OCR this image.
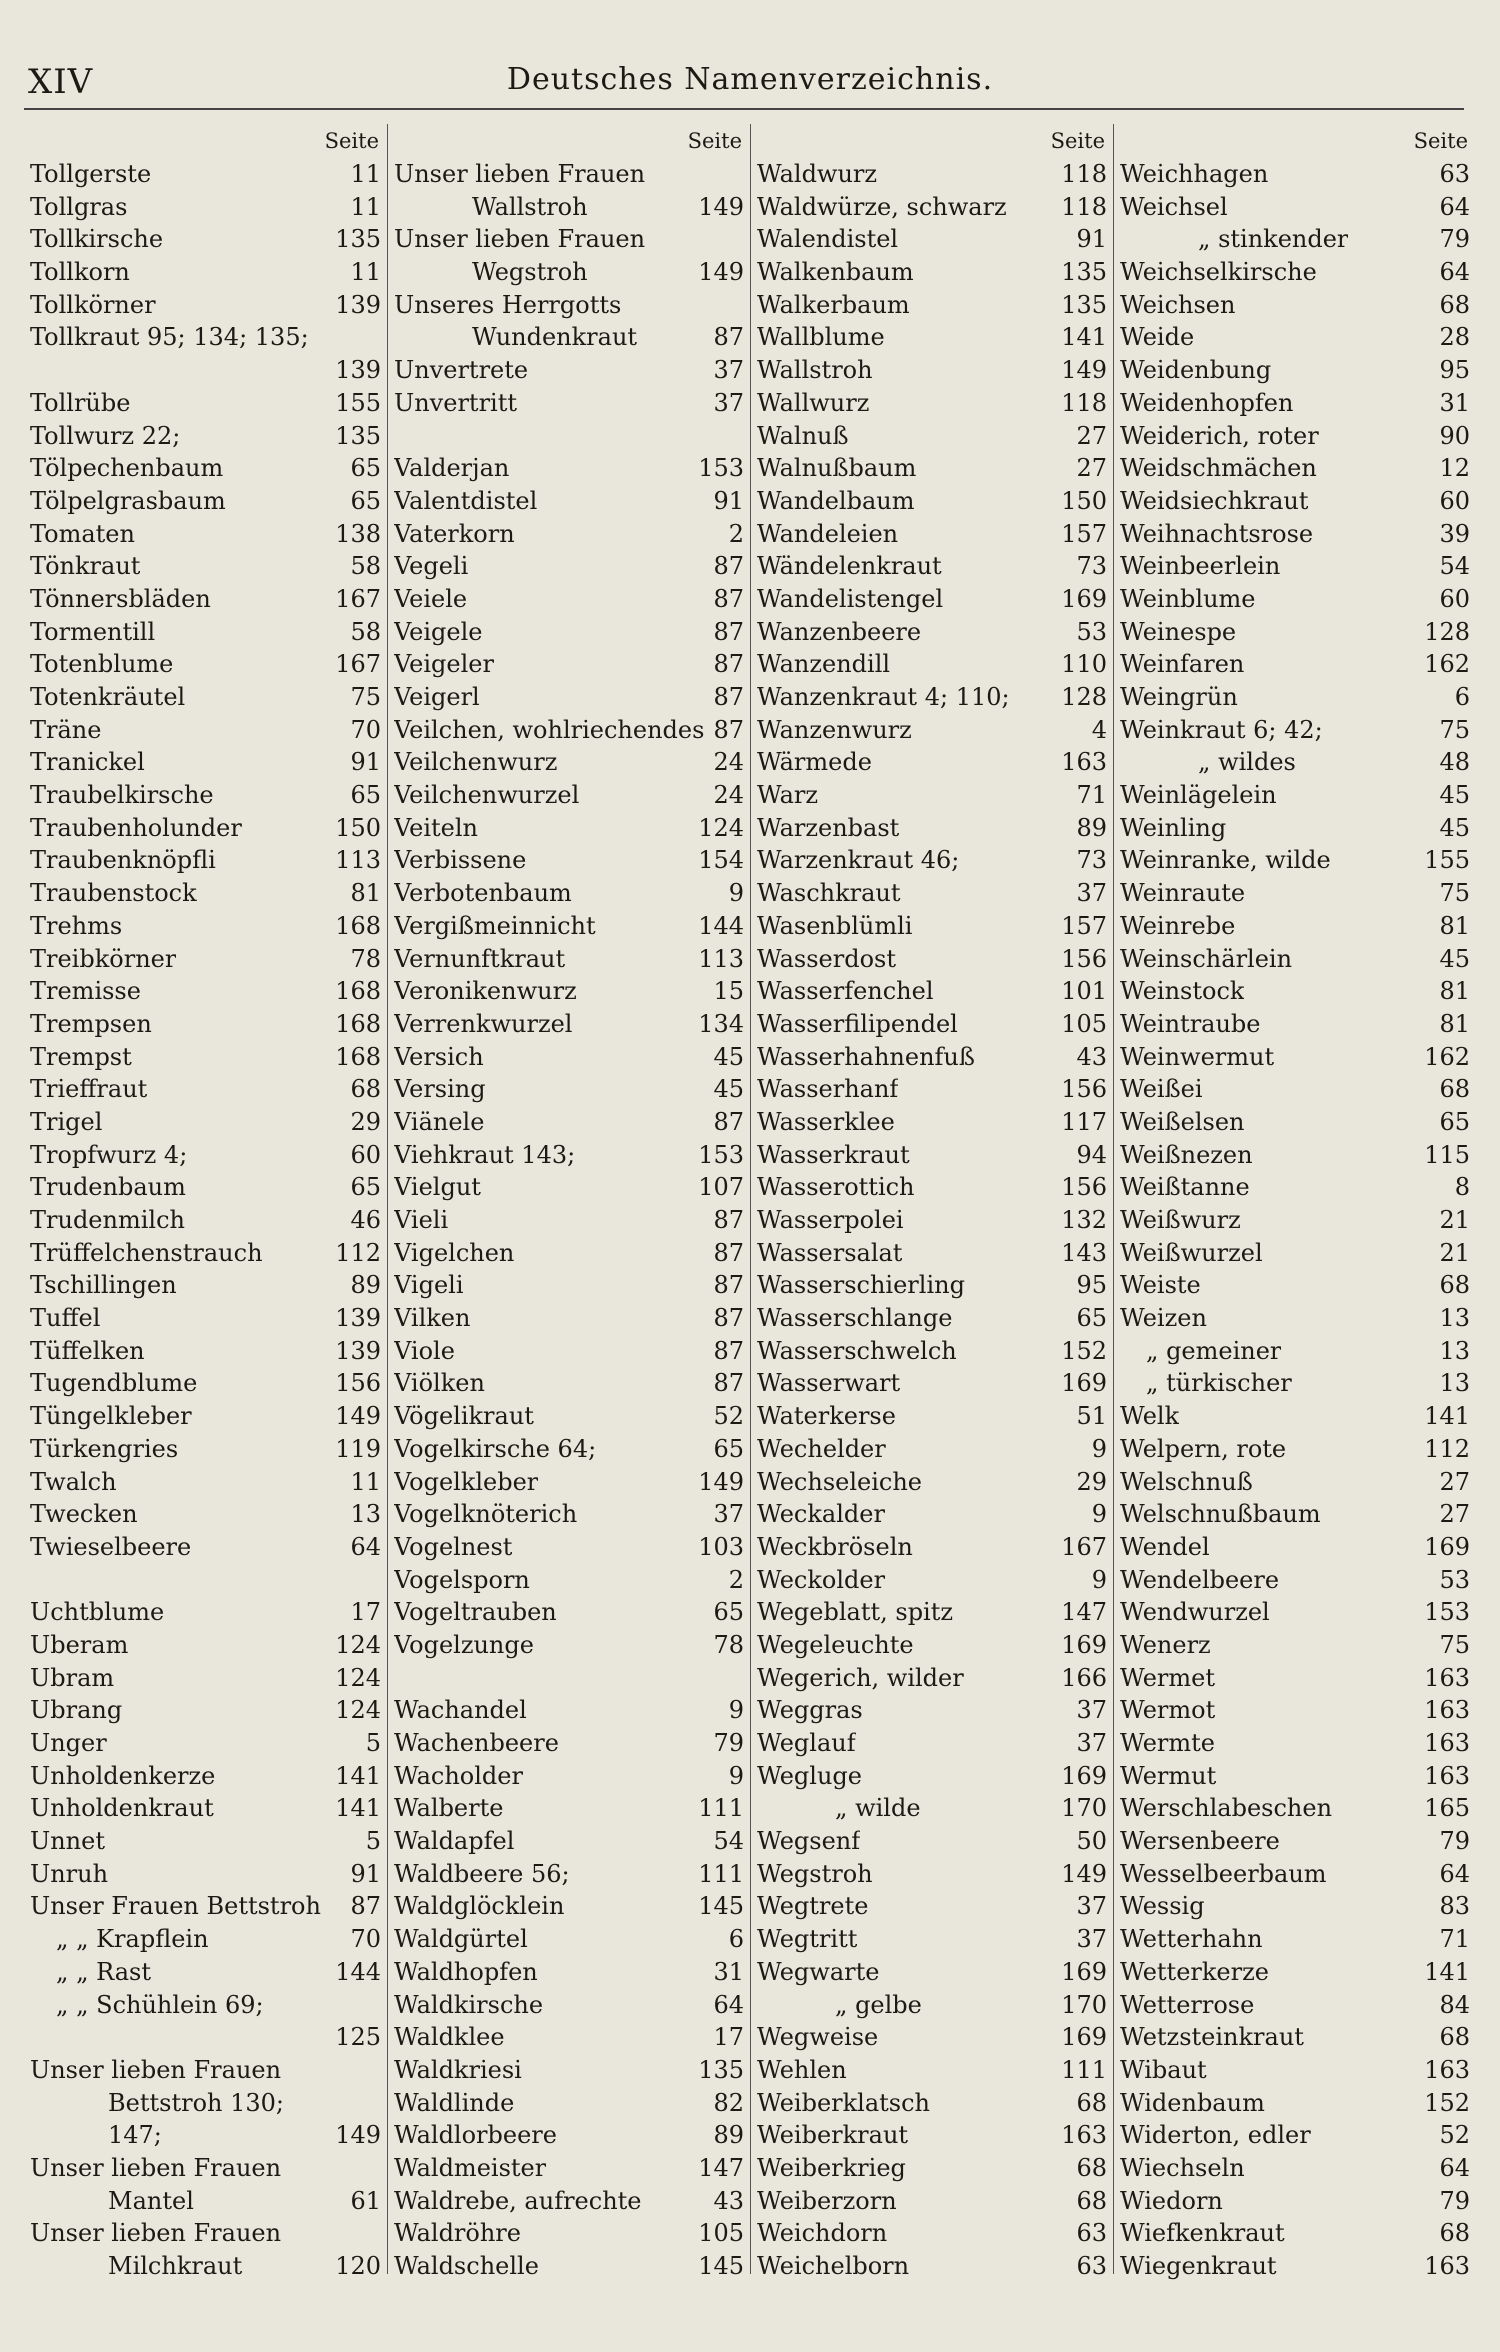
XIV	Deutsches Namenverzeichnis.
Seite
Tollgerste	11
Tollgras	11
Tollkirsche	135
Tollkorn	11
Tollkörner	139
Tollkraut 95; 134; 135;
139
Tollrübe	155
Tollwurz 22;	135
Tölpechenbaum	65
Tölpelgrasbaum	65
Tomaten	138
Tönkraut	58
Tönnersbläden	167
Tormentill	58
Totenblume	167
Totenkräutel	75
Träne	70
Tranickel	91
Traubelkirsche	65
Traubenholunder	150
Traubenknöpfli	113
Traubenstock	81
Trehms	168
Treibkörner	78
Tremisse	168
Trempsen	168
Trempst	168
Trieffraut	68
Trigel	29
Tropfwurz 4;	60
Trudenbaum	65
Trudenmilch	46
Trüffelchenstrauch	112
Tschillingen	89
Tuffel	139
Tüffelken	139
Tugendblume	156
Tüngelkleber	149
Türkengries	119
Twalch	11
Twecken	13
Twieselbeere	64
Uchtblume	17
Uberam	124
Ubram	124
Ubrang	124
Unger	5
Unholdenkerze	141
Unholdenkraut	141
Unnet	5
Unruh	91
Unser Frauen Bettstroh	87
„ „ Krapflein	70
„ „ Rast	144
„ „ Schühlein 69;
125
Unser lieben Frauen
Bettstroh 130;
147;	149
Unser lieben Frauen
Mantel	61
Unser lieben Frauen
Milchkraut	120
Seite
Unser lieben Frauen
Wallstroh	149
Unser lieben Frauen
Wegstroh	149
Unseres Herrgotts
Wundenkraut	87
Unvertrete	37
Unvertritt	37
Valderjan	153
Valentdistel	91
Vaterkorn	2
Vegeli	87
Veiele	87
Veigele	87
Veigeler	87
Veigerl	87
Veilchen, wohlriechendes 87
Veilchenwurz	24
Veilchenwurzel	24
Veiteln	124
Verbissene	154
Verbotenbaum	9
Vergißmeinnicht	144
Vernunftkraut	113
Veronikenwurz	15
Verrenkwurzel	134
Versich	45
Versing	45
Viänele	87
Viehkraut 143;	153
Vielgut	107
Vieli	87
Vigelchen	87
Vigeli	87
Vilken	87
Viole	87
Viölken	87
Vögelikraut	52
Vogelkirsche 64;	65
Vogelkleber	149
Vogelknöterich	37
Vogelnest	103
Vogelsporn	2
Vogeltrauben	65
Vogelzunge	78
Wachandel	9
Wachenbeere	79
Wacholder	9
Walberte	111
Waldapfel	54
Waldbeere 56;	111
Waldglöcklein	145
Waldgürtel	6
Waldhopfen	31
Waldkirsche	64
Waldklee	17
Waldkriesi	135
Waldlinde	82
Waldlorbeere	89
Waldmeister	147
Waldrebe, aufrechte	43
Waldröhre	105
Waldschelle	145
Seite
Waldwurz	118
Waldwürze, schwarz	118
Walendistel	91
Walkenbaum	135
Walkerbaum	135
Wallblume	141
Wallstroh	149
Wallwurz	118
Walnuß	27
Walnußbaum	27
Wandelbaum	150
Wandeleien	157
Wändelenkraut	73
Wandelistengel	169
Wanzenbeere	53
Wanzendill	110
Wanzenkraut 4; 110;	128
Wanzenwurz	4
Wärmede	163
Warz	71
Warzenbast	89
Warzenkraut 46;	73
Waschkraut	37
Wasenblümli	157
Wasserdost	156
Wasserfenchel	101
Wasserfilipendel	105
Wasserhahnenfuß	43
Wasserhanf	156
Wasserklee	117
Wasserkraut	94
Wasserottich	156
Wasserpolei	132
Wassersalat	143
Wasserschierling	95
Wasserschlange	65
Wasserschwelch	152
Wasserwart	169
Waterkerse	51
Wechelder	9
Wechseleiche	29
Weckalder	9
Weckbröseln	167
Weckolder	9
Wegeblatt, spitz	147
Wegeleuchte	169
Wegerich, wilder	166
Weggras	37
Weglauf	37
Wegluge	169
„ wilde	170
Wegsenf	50
Wegstroh	149
Wegtrete	37
Wegtritt	37
Wegwarte	169
„ gelbe	170
Wegweise	169
Wehlen	111
Weiberklatsch	68
Weiberkraut	163
Weiberkrieg	68
Weiberzorn	68
Weichdorn	63
Weichelborn	63
Seite
Weichhagen	63
Weichsel	64
„ stinkender	79
Weichselkirsche	64
Weichsen	68
Weide	28
Weidenbung	95
Weidenhopfen	31
Weiderich, roter	90
Weidschmächen	12
Weidsiechkraut	60
Weihnachtsrose	39
Weinbeerlein	54
Weinblume	60
Weinespe	128
Weinfaren	162
Weingrün	6
Weinkraut 6; 42;	75
„ wildes	48
Weinlägelein	45
Weinling	45
Weinranke, wilde	155
Weinraute	75
Weinrebe	81
Weinschärlein	45
Weinstock	81
Weintraube	81
Weinwermut	162
Weißei	68
Weißelsen	65
Weißnezen	115
Weißtanne	8
Weißwurz	21
Weißwurzel	21
Weiste	68
Weizen	13
„ gemeiner	13
„ türkischer	13
Welk	141
Welpern, rote	112
Welschnuß	27
Welschnußbaum	27
Wendel	169
Wendelbeere	53
Wendwurzel	153
Wenerz	75
Wermet	163
Wermot	163
Wermte	163
Wermut	163
Werschlabeschen	165
Wersenbeere	79
Wesselbeerbaum	64
Wessig	83
Wetterhahn	71
Wetterkerze	141
Wetterrose	84
Wetzsteinkraut	68
Wibaut	163
Widenbaum	152
Widerton, edler	52
Wiechseln	64
Wiedorn	79
Wiefkenkraut	68
Wiegenkraut	163
